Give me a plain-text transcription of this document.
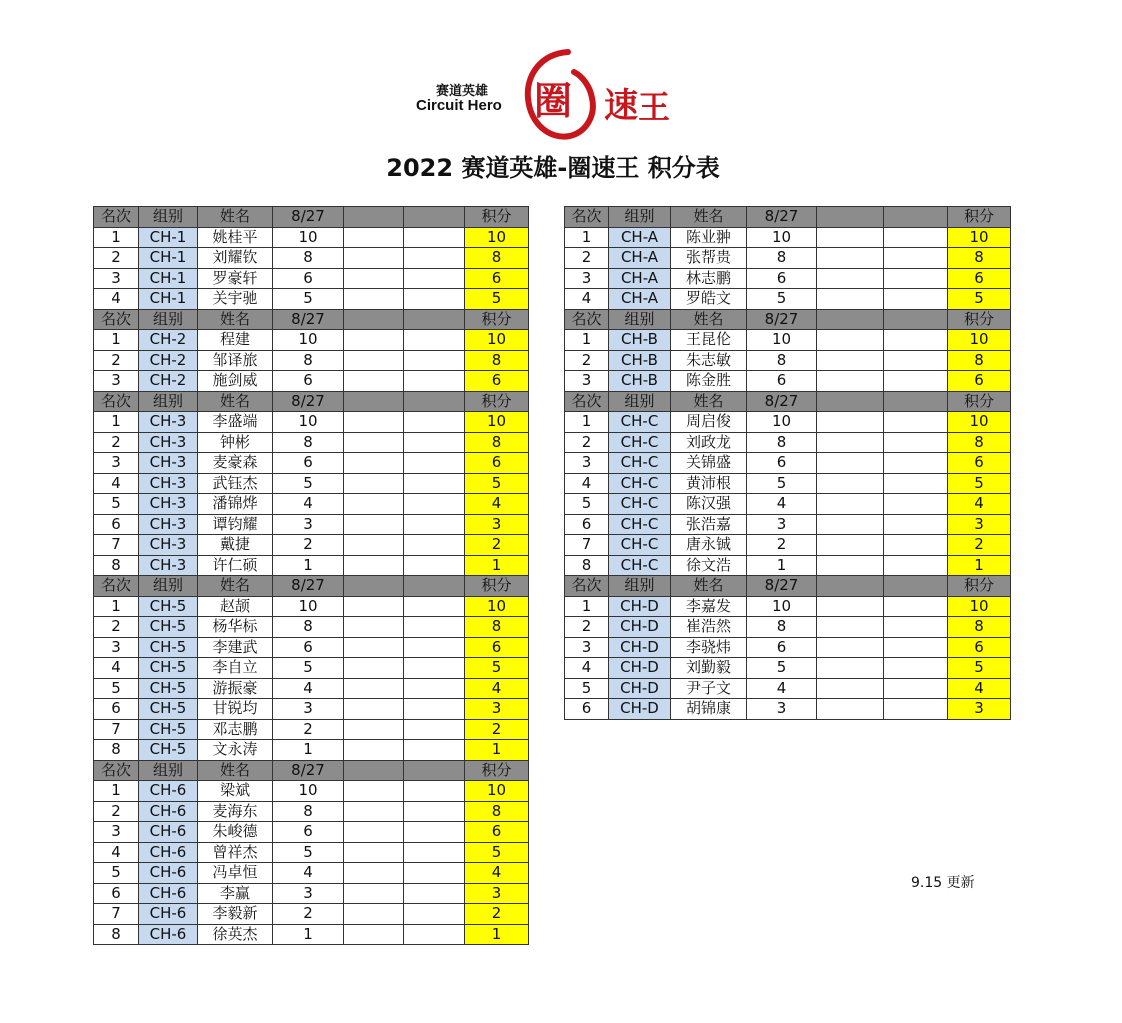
赛道英雄
Circuit Hero 圈 速 王
2022 赛道英雄-圈速王 积分表
名次	组别	姓名	8/27			积分
1	CH-1	姚桂平	10			10
2	CH-1	刘耀钦	8			8
3	CH-1	罗豪轩	6			6
4	CH-1	关宇驰	5			5
名次	组别	姓名	8/27			积分
1	CH-2	程建	10			10
2	CH-2	邹译旅	8			8
3	CH-2	施剑威	6			6
名次	组别	姓名	8/27			积分
1	CH-3	李盛端	10			10
2	CH-3	钟彬	8			8
3	CH-3	麦豪森	6			6
4	CH-3	武钰杰	5			5
5	CH-3	潘锦烨	4			4
6	CH-3	谭钧耀	3			3
7	CH-3	戴捷	2			2
8	CH-3	许仁硕	1			1
名次	组别	姓名	8/27			积分
1	CH-5	赵颉	10			10
2	CH-5	杨华标	8			8
3	CH-5	李建武	6			6
4	CH-5	李自立	5			5
5	CH-5	游振豪	4			4
6	CH-5	甘锐均	3			3
7	CH-5	邓志鹏	2			2
8	CH-5	文永涛	1			1
名次	组别	姓名	8/27			积分
1	CH-6	梁斌	10			10
2	CH-6	麦海东	8			8
3	CH-6	朱峻德	6			6
4	CH-6	曾祥杰	5			5
5	CH-6	冯卓恒	4			4
6	CH-6	李赢	3			3
7	CH-6	李毅新	2			2
8	CH-6	徐英杰	1			1
名次	组别	姓名	8/27			积分
1	CH-A	陈业翀	10			10
2	CH-A	张帮贵	8			8
3	CH-A	林志鹏	6			6
4	CH-A	罗皓文	5			5
名次	组别	姓名	8/27			积分
1	CH-B	王昆伦	10			10
2	CH-B	朱志敏	8			8
3	CH-B	陈金胜	6			6
名次	组别	姓名	8/27			积分
1	CH-C	周启俊	10			10
2	CH-C	刘政龙	8			8
3	CH-C	关锦盛	6			6
4	CH-C	黄沛根	5			5
5	CH-C	陈汉强	4			4
6	CH-C	张浩嘉	3			3
7	CH-C	唐永铖	2			2
8	CH-C	徐文浩	1			1
名次	组别	姓名	8/27			积分
1	CH-D	李嘉发	10			10
2	CH-D	崔浩然	8			8
3	CH-D	李骁炜	6			6
4	CH-D	刘勤毅	5			5
5	CH-D	尹子文	4			4
6	CH-D	胡锦康	3			3
9.15 更新
